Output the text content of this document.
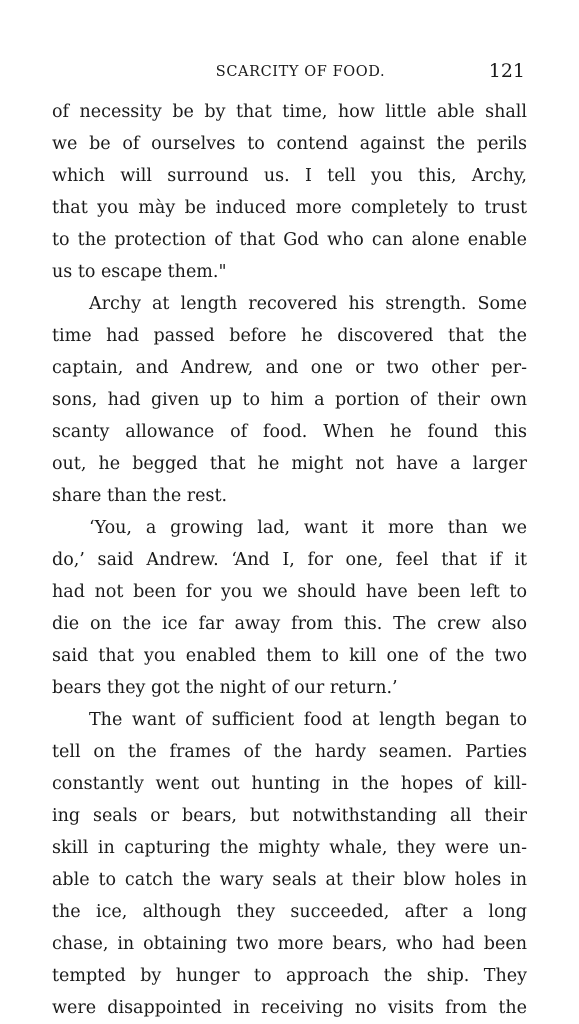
SCARCITY OF FOOD.	121
of necessity be by that time, how little able shall
we be of ourselves to contend against the perils
which will surround us. I tell you this, Archy,
that you mày be induced more completely to trust
to the protection of that God who can alone enable
us to escape them."
Archy at length recovered his strength. Some
time had passed before he discovered that the
captain, and Andrew, and one or two other per-
sons, had given up to him a portion of their own
scanty allowance of food. When he found this
out, he begged that he might not have a larger
share than the rest.
‘You, a growing lad, want it more than we
do,’ said Andrew. ‘And I, for one, feel that if it
had not been for you we should have been left to
die on the ice far away from this. The crew also
said that you enabled them to kill one of the two
bears they got the night of our return.’
The want of sufficient food at length began to
tell on the frames of the hardy seamen. Parties
constantly went out hunting in the hopes of kill-
ing seals or bears, but notwithstanding all their
skill in capturing the mighty whale, they were un-
able to catch the wary seals at their blow holes in
the ice, although they succeeded, after a long
chase, in obtaining two more bears, who had been
tempted by hunger to approach the ship. They
were disappointed in receiving no visits from the
